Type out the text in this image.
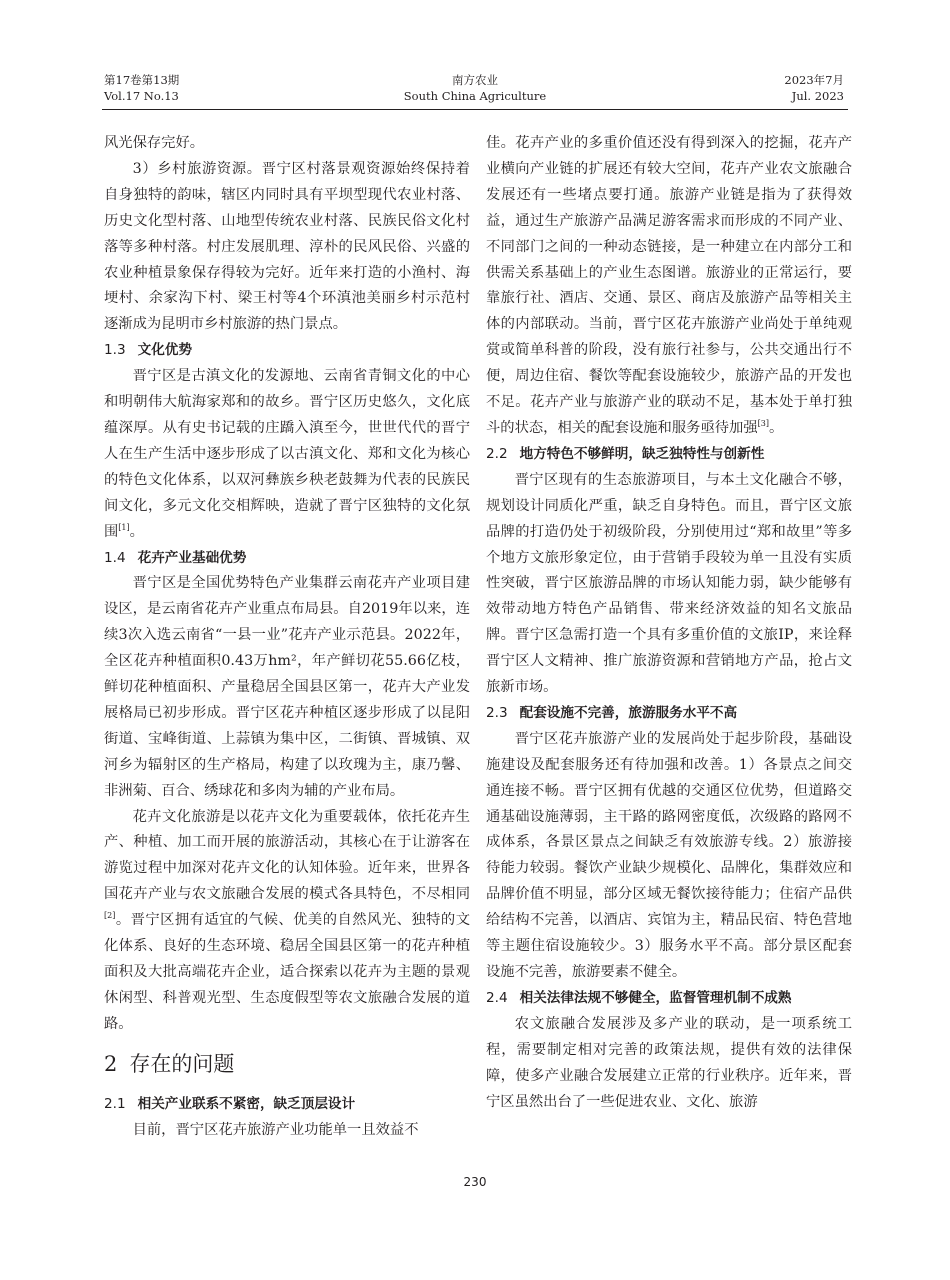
第17卷第13期
Vol.17 No.13
南方农业
South China Agriculture
2023年7月
Jul. 2023

风光保存完好。

3）乡村旅游资源。晋宁区村落景观资源始终保持着自身独特的韵味，辖区内同时具有平坝型现代农业村落、历史文化型村落、山地型传统农业村落、民族民俗文化村落等多种村落。村庄发展肌理、淳朴的民风民俗、兴盛的农业种植景象保存得较为完好。近年来打造的小渔村、海埂村、余家沟下村、梁王村等4个环滇池美丽乡村示范村逐渐成为昆明市乡村旅游的热门景点。

1.3 文化优势

晋宁区是古滇文化的发源地、云南省青铜文化的中心和明朝伟大航海家郑和的故乡。晋宁区历史悠久，文化底蕴深厚。从有史书记载的庄蹻入滇至今，世世代代的晋宁人在生产生活中逐步形成了以古滇文化、郑和文化为核心的特色文化体系，以双河彝族乡秧老鼓舞为代表的民族民间文化，多元文化交相辉映，造就了晋宁区独特的文化氛围[1]。

1.4 花卉产业基础优势

晋宁区是全国优势特色产业集群云南花卉产业项目建设区，是云南省花卉产业重点布局县。自2019年以来，连续3次入选云南省“一县一业”花卉产业示范县。2022年，全区花卉种植面积0.43万hm²，年产鲜切花55.66亿枝，鲜切花种植面积、产量稳居全国县区第一，花卉大产业发展格局已初步形成。晋宁区花卉种植区逐步形成了以昆阳街道、宝峰街道、上蒜镇为集中区，二街镇、晋城镇、双河乡为辐射区的生产格局，构建了以玫瑰为主，康乃馨、非洲菊、百合、绣球花和多肉为辅的产业布局。

花卉文化旅游是以花卉文化为重要载体，依托花卉生产、种植、加工而开展的旅游活动，其核心在于让游客在游览过程中加深对花卉文化的认知体验。近年来，世界各国花卉产业与农文旅融合发展的模式各具特色，不尽相同[2]。晋宁区拥有适宜的气候、优美的自然风光、独特的文化体系、良好的生态环境、稳居全国县区第一的花卉种植面积及大批高端花卉企业，适合探索以花卉为主题的景观休闲型、科普观光型、生态度假型等农文旅融合发展的道路。

2 存在的问题
2.1 相关产业联系不紧密，缺乏顶层设计

目前，晋宁区花卉旅游产业功能单一且效益不

佳。花卉产业的多重价值还没有得到深入的挖掘，花卉产业横向产业链的扩展还有较大空间，花卉产业农文旅融合发展还有一些堵点要打通。旅游产业链是指为了获得效益，通过生产旅游产品满足游客需求而形成的不同产业、不同部门之间的一种动态链接，是一种建立在内部分工和供需关系基础上的产业生态图谱。旅游业的正常运行，要靠旅行社、酒店、交通、景区、商店及旅游产品等相关主体的内部联动。当前，晋宁区花卉旅游产业尚处于单纯观赏或简单科普的阶段，没有旅行社参与，公共交通出行不便，周边住宿、餐饮等配套设施较少，旅游产品的开发也不足。花卉产业与旅游产业的联动不足，基本处于单打独斗的状态，相关的配套设施和服务亟待加强[3]。

2.2 地方特色不够鲜明，缺乏独特性与创新性

晋宁区现有的生态旅游项目，与本土文化融合不够，规划设计同质化严重，缺乏自身特色。而且，晋宁区文旅品牌的打造仍处于初级阶段，分别使用过“郑和故里”等多个地方文旅形象定位，由于营销手段较为单一且没有实质性突破，晋宁区旅游品牌的市场认知能力弱，缺少能够有效带动地方特色产品销售、带来经济效益的知名文旅品牌。晋宁区急需打造一个具有多重价值的文旅IP，来诠释晋宁区人文精神、推广旅游资源和营销地方产品，抢占文旅新市场。

2.3 配套设施不完善，旅游服务水平不高

晋宁区花卉旅游产业的发展尚处于起步阶段，基础设施建设及配套服务还有待加强和改善。1）各景点之间交通连接不畅。晋宁区拥有优越的交通区位优势，但道路交通基础设施薄弱，主干路的路网密度低，次级路的路网不成体系，各景区景点之间缺乏有效旅游专线。2）旅游接待能力较弱。餐饮产业缺少规模化、品牌化，集群效应和品牌价值不明显，部分区域无餐饮接待能力；住宿产品供给结构不完善，以酒店、宾馆为主，精品民宿、特色营地等主题住宿设施较少。3）服务水平不高。部分景区配套设施不完善，旅游要素不健全。

2.4 相关法律法规不够健全，监督管理机制不成熟

农文旅融合发展涉及多产业的联动，是一项系统工程，需要制定相对完善的政策法规，提供有效的法律保障，使多产业融合发展建立正常的行业秩序。近年来，晋宁区虽然出台了一些促进农业、文化、旅游

230
